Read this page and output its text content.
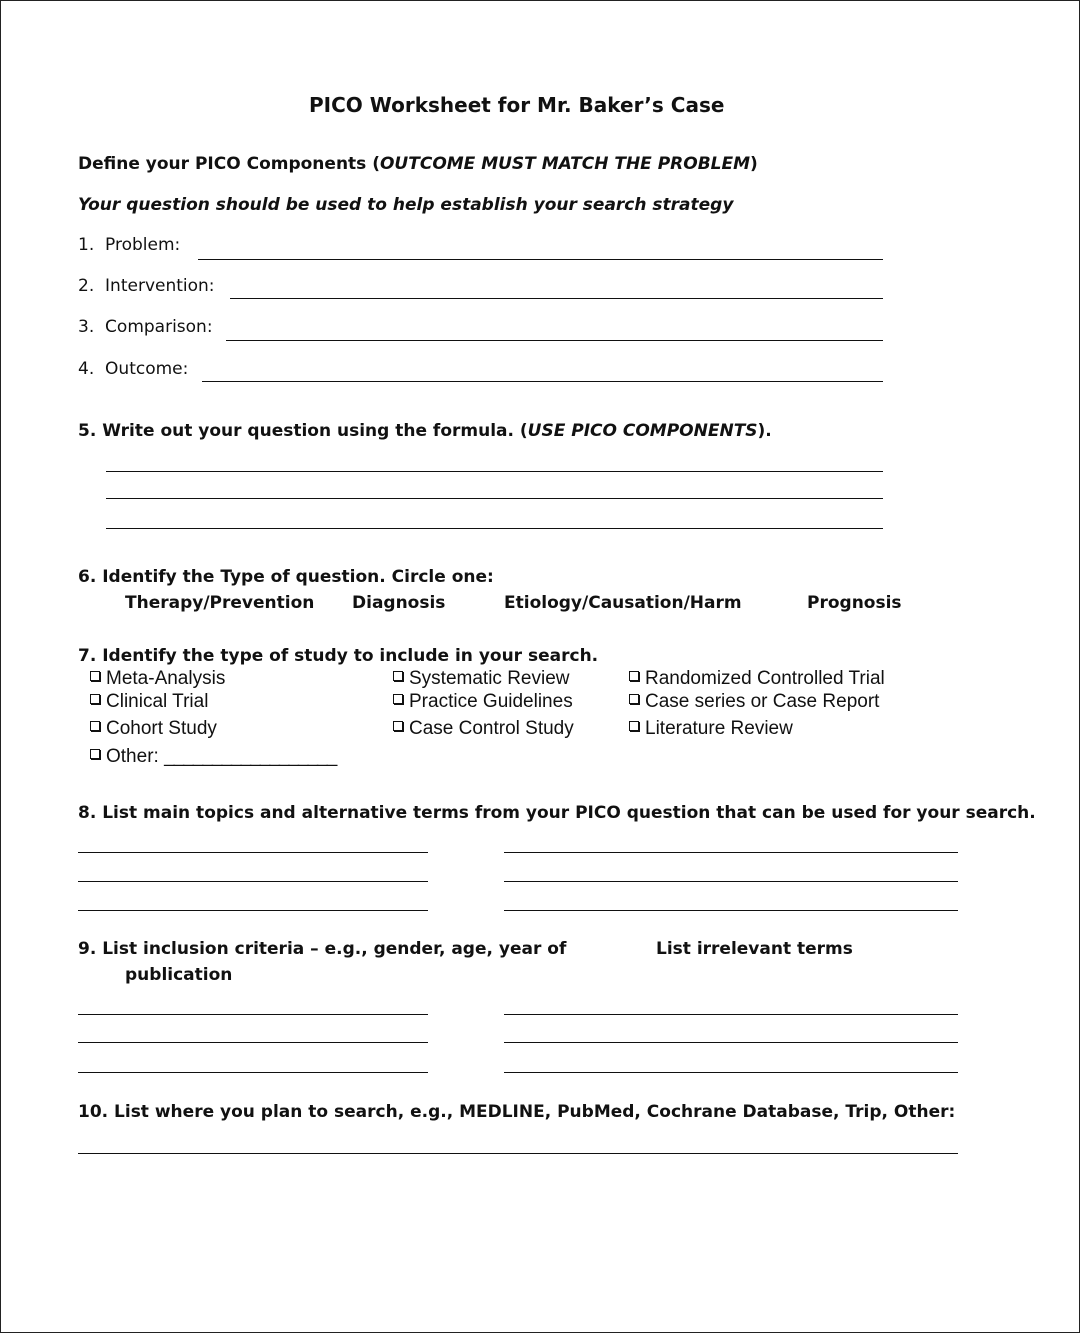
PICO Worksheet for Mr. Baker’s Case
Define your PICO Components (OUTCOME MUST MATCH THE PROBLEM)
Your question should be used to help establish your search strategy
1. Problem:
2. Intervention:
3. Comparison:
4. Outcome:
5. Write out your question using the formula. (USE PICO COMPONENTS).
6. Identify the Type of question. Circle one:
Therapy/Prevention Diagnosis	Etiology/Causation/Harm	Prognosis
7. Identify the type of study to include in your search.
Meta-Analysis
Clinical Trial
Cohort Study
Other: __________________
Systematic Review
Practice Guidelines
Case Control Study
Randomized Controlled Trial
Case series or Case Report
Literature Review
8. List main topics and alternative terms from your PICO question that can be used for your search.
9. List inclusion criteria – e.g., gender, age, year of
publication
List irrelevant terms
10. List where you plan to search, e.g., MEDLINE, PubMed, Cochrane Database, Trip, Other:
